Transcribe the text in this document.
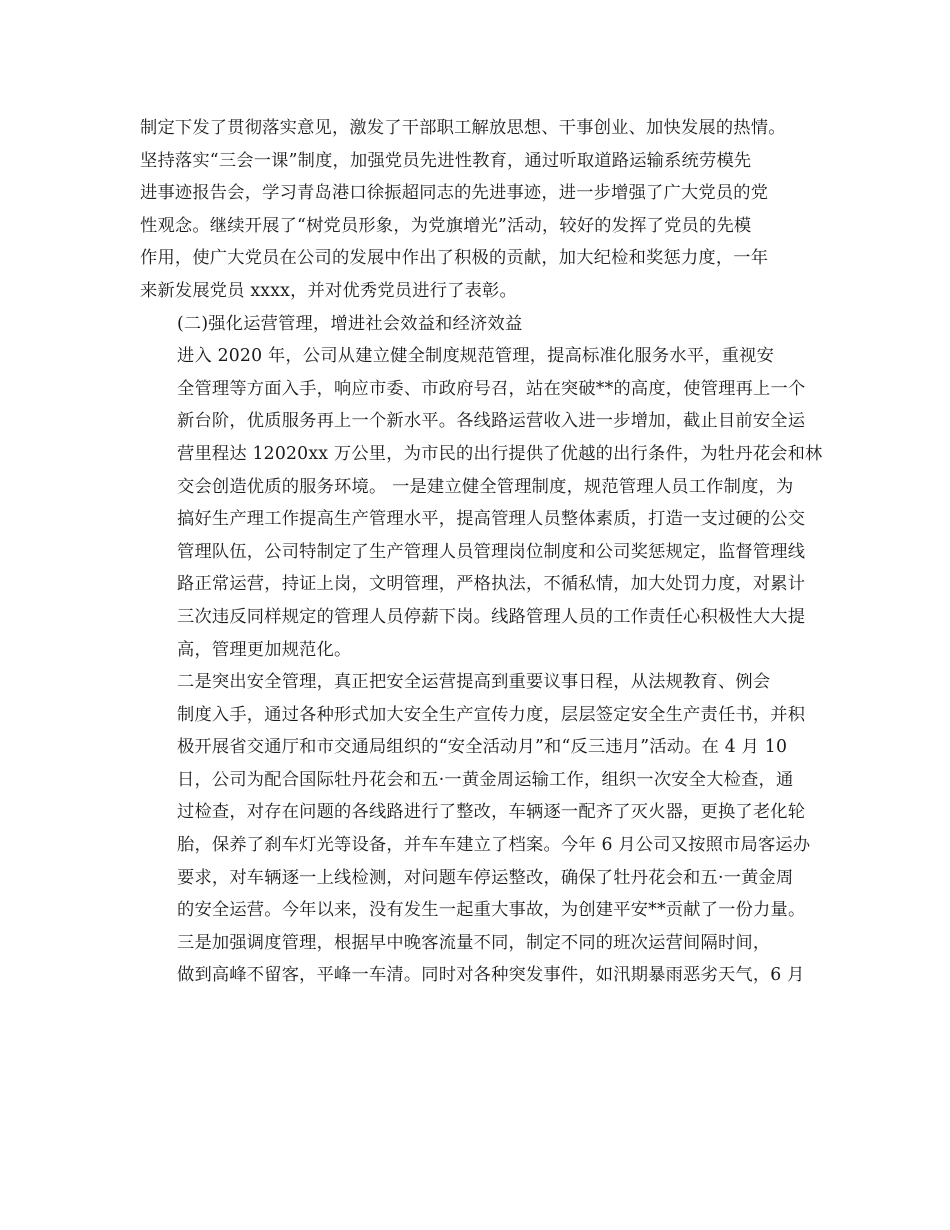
制定下发了贯彻落实意见，激发了干部职工解放思想、干事创业、加快发展的热情。
坚持落实“三会一课”制度，加强党员先进性教育，通过听取道路运输系统劳模先
进事迹报告会，学习青岛港口徐振超同志的先进事迹，进一步增强了广大党员的党
性观念。继续开展了“树党员形象，为党旗增光”活动，较好的发挥了党员的先模
作用，使广大党员在公司的发展中作出了积极的贡献，加大纪检和奖惩力度，一年
来新发展党员 xxxx，并对优秀党员进行了表彰。
(二)强化运营管理，增进社会效益和经济效益
进入 2020 年，公司从建立健全制度规范管理，提高标准化服务水平，重视安
全管理等方面入手，响应市委、市政府号召，站在突破**的高度，使管理再上一个
新台阶，优质服务再上一个新水平。各线路运营收入进一步增加，截止目前安全运
营里程达 12020xx 万公里，为市民的出行提供了优越的出行条件，为牡丹花会和林
交会创造优质的服务环境。 一是建立健全管理制度，规范管理人员工作制度，为
搞好生产理工作提高生产管理水平，提高管理人员整体素质，打造一支过硬的公交
管理队伍，公司特制定了生产管理人员管理岗位制度和公司奖惩规定，监督管理线
路正常运营，持证上岗，文明管理，严格执法，不循私情，加大处罚力度，对累计
三次违反同样规定的管理人员停薪下岗。线路管理人员的工作责任心积极性大大提
高，管理更加规范化。
二是突出安全管理，真正把安全运营提高到重要议事日程，从法规教育、例会
制度入手，通过各种形式加大安全生产宣传力度，层层签定安全生产责任书，并积
极开展省交通厅和市交通局组织的“安全活动月”和“反三违月”活动。在 4 月 10
日，公司为配合国际牡丹花会和五·一黄金周运输工作，组织一次安全大检查，通
过检查，对存在问题的各线路进行了整改，车辆逐一配齐了灭火器，更换了老化轮
胎，保养了刹车灯光等设备，并车车建立了档案。今年 6 月公司又按照市局客运办
要求，对车辆逐一上线检测，对问题车停运整改，确保了牡丹花会和五·一黄金周
的安全运营。今年以来，没有发生一起重大事故，为创建平安**贡献了一份力量。
三是加强调度管理，根据早中晚客流量不同，制定不同的班次运营间隔时间，
做到高峰不留客，平峰一车清。同时对各种突发事件，如汛期暴雨恶劣天气，6 月
